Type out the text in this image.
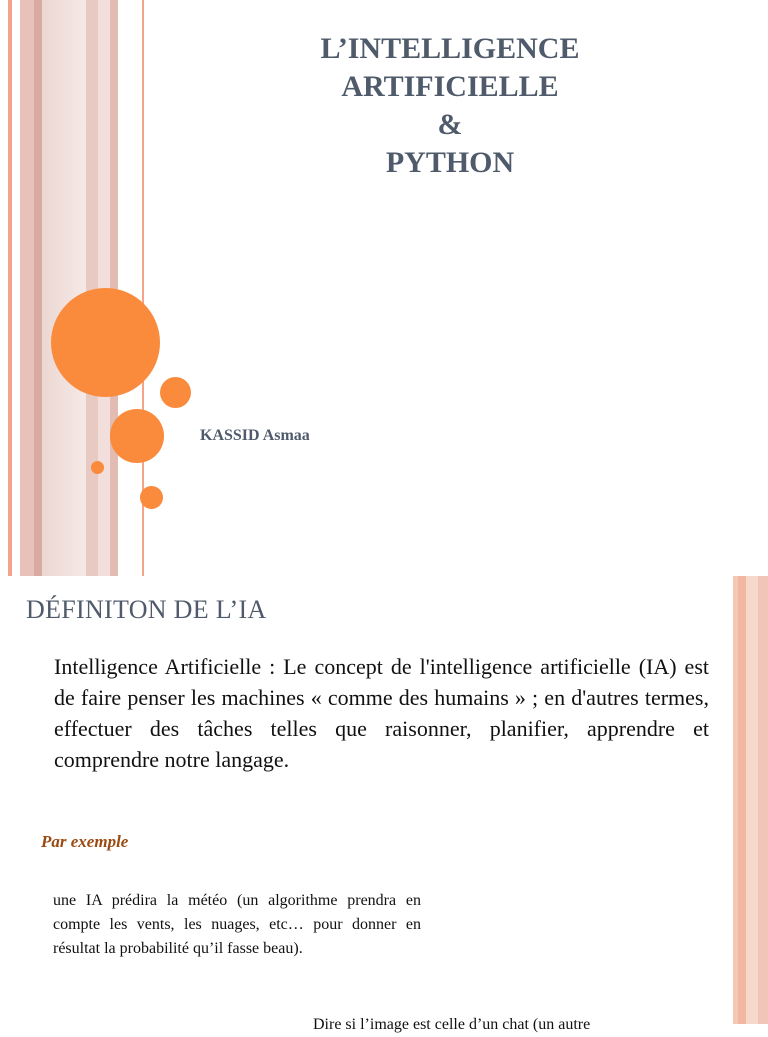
L’INTELLIGENCE
ARTIFICIELLE
&
PYTHON
KASSID Asmaa
DÉFINITON DE L’IA
Intelligence Artificielle : Le concept de l'intelligence artificielle (IA) est de faire penser les machines « comme des humains » ; en d'autres termes, effectuer des tâches telles que raisonner, planifier, apprendre et comprendre notre langage.
Par exemple
une IA prédira la météo (un algorithme prendra en compte les vents, les nuages, etc… pour donner en résultat la probabilité qu’il fasse beau).
Dire si l’image est celle d’un chat (un autre
